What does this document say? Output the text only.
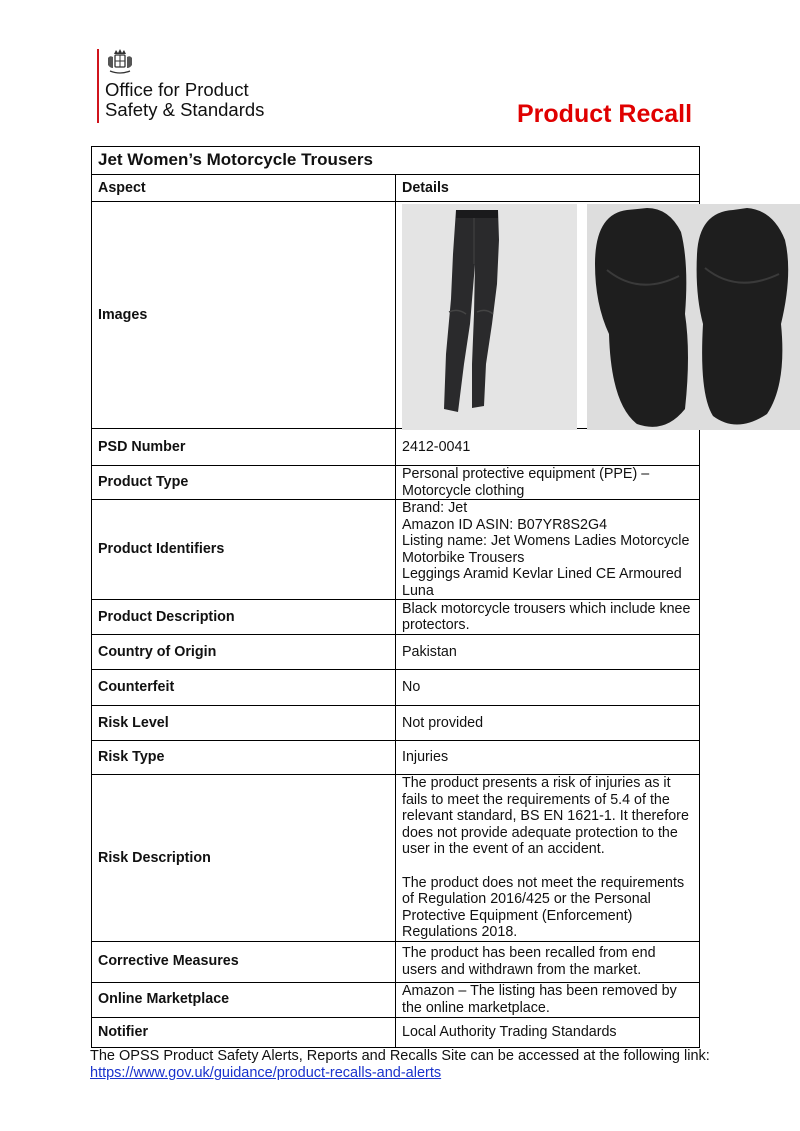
Office for Product
Safety & Standards	Product Recall
Jet Women’s Motorcycle Trousers	
Aspect	Details
Images	

PSD Number	2412-0041
Product Type	Personal protective equipment (PPE) – Motorcycle clothing
Product Identifiers	Brand: Jet
Amazon ID ASIN: B07YR8S2G4
Listing name: Jet Womens Ladies Motorcycle Motorbike Trousers
Leggings Aramid Kevlar Lined CE Armoured Luna

Product Description	Black motorcycle trousers which include knee protectors.
Country of Origin	Pakistan
Counterfeit	No
Risk Level	Not provided
Risk Type	Injuries
Risk Description	The product presents a risk of injuries as it fails to meet the requirements of 5.4 of the relevant standard, BS EN 1621-1. It therefore does not provide adequate protection to the user in the event of an accident.
The product does not meet the requirements of Regulation 2016/425 or the Personal Protective Equipment (Enforcement) Regulations 2018.

Corrective Measures	The product has been recalled from end users and withdrawn from the market.
Online Marketplace	Amazon – The listing has been removed by the online marketplace.
Notifier	Local Authority Trading Standards
The OPSS Product Safety Alerts, Reports and Recalls Site can be accessed at the following link: https://www.gov.uk/guidance/product-recalls-and-alerts
